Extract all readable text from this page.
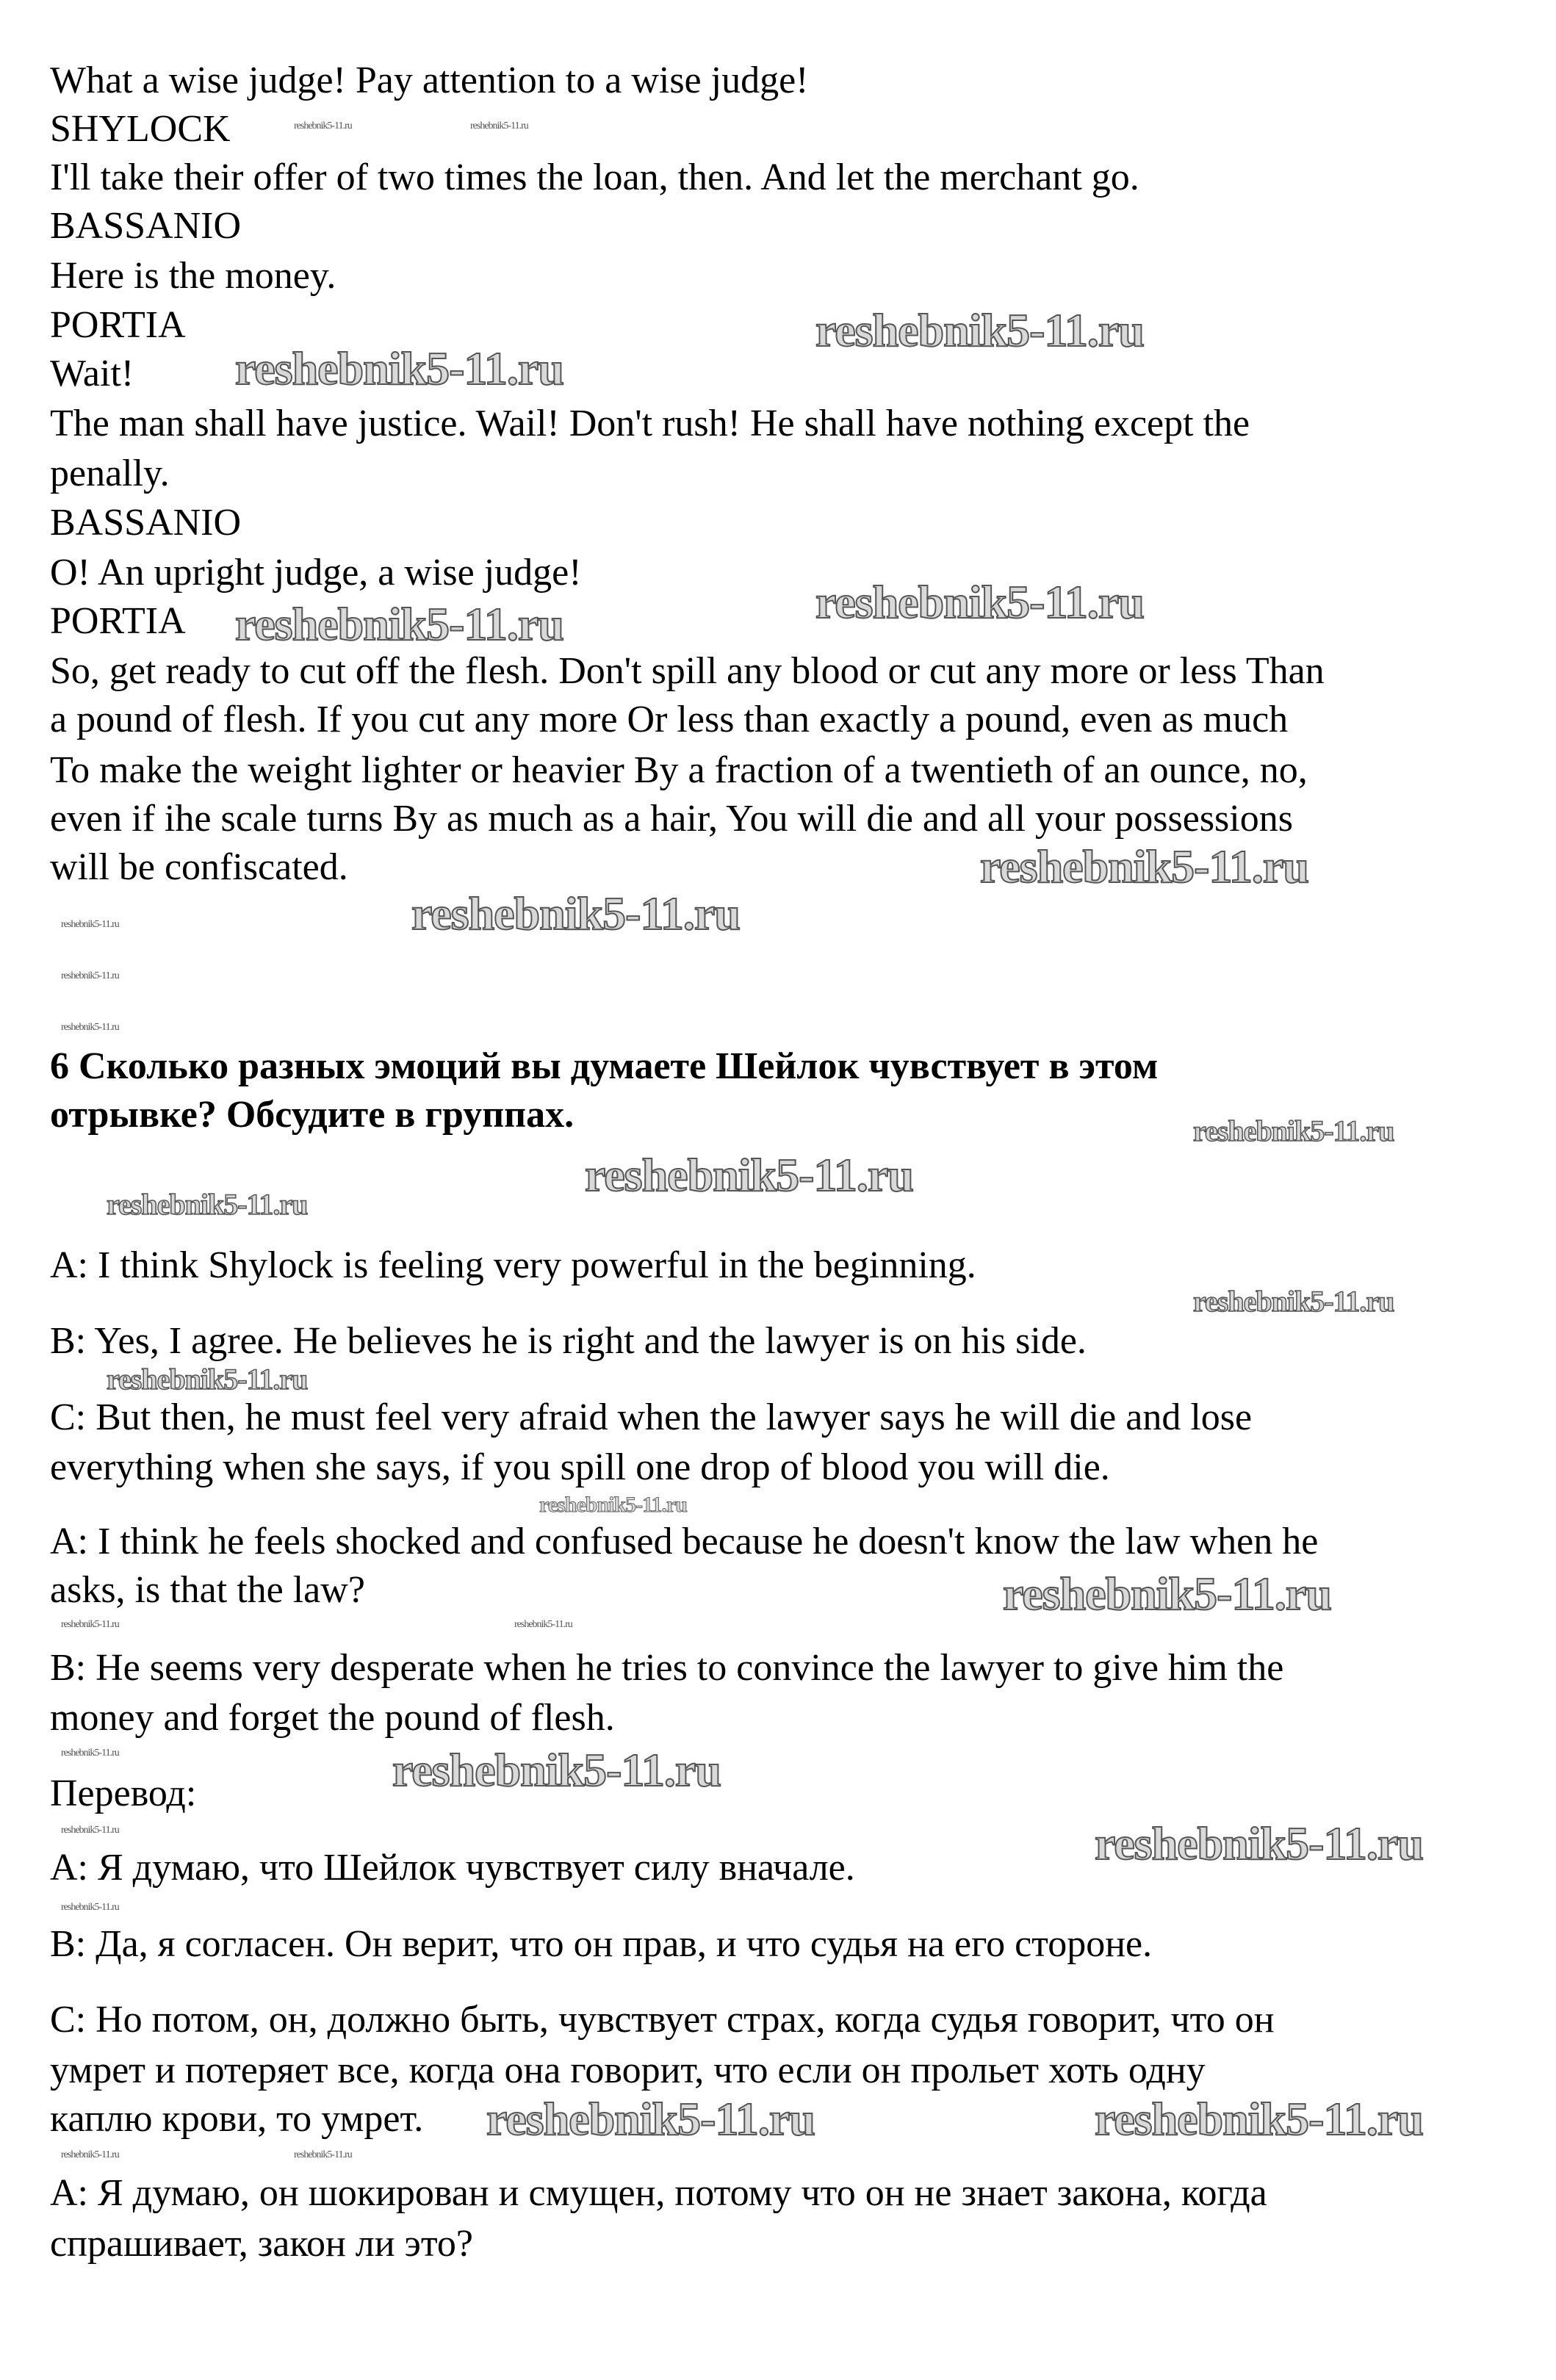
What a wise judge! Pay attention to a wise judge!
SHYLOCK
I'll take their offer of two times the loan, then. And let the merchant go.
BASSANIO
Here is the money.
PORTIA
Wait!
The man shall have justice. Wail! Don't rush! He shall have nothing except the
penally.
BASSANIO
O! An upright judge, a wise judge!
PORTIA
So, get ready to cut off the flesh. Don't spill any blood or cut any more or less Than
a pound of flesh. If you cut any more Or less than exactly a pound, even as much
To make the weight lighter or heavier By a fraction of a twentieth of an ounce, no,
even if ihe scale turns By as much as a hair, You will die and all your possessions
will be confiscated.
6 Сколько разных эмоций вы думаете Шейлок чувствует в этом
отрывке? Обсудите в группах.
A: I think Shylock is feeling very powerful in the beginning.
B: Yes, I agree. He believes he is right and the lawyer is on his side.
C: But then, he must feel very afraid when the lawyer says he will die and lose
everything when she says, if you spill one drop of blood you will die.
A: I think he feels shocked and confused because he doesn't know the law when he
asks, is that the law?
B: He seems very desperate when he tries to convince the lawyer to give him the
money and forget the pound of flesh.
Перевод:
A: Я думаю, что Шейлок чувствует силу вначале.
B: Да, я согласен. Он верит, что он прав, и что судья на его стороне.
C: Но потом, он, должно быть, чувствует страх, когда судья говорит, что он
умрет и потеряет все, когда она говорит, что если он прольет хоть одну
каплю крови, то умрет.
A: Я думаю, он шокирован и смущен, потому что он не знает закона, когда
спрашивает, закон ли это?
reshebnik5-11.ru
reshebnik5-11.ru
reshebnik5-11.ru
reshebnik5-11.ru
reshebnik5-11.ru
reshebnik5-11.ru
reshebnik5-11.ru
reshebnik5-11.ru
reshebnik5-11.ru
reshebnik5-11.ru
reshebnik5-11.ru
reshebnik5-11.ru
reshebnik5-11.ru
reshebnik5-11.ru
reshebnik5-11.ru
reshebnik5-11.ru	reshebnik5-11.ru
reshebnik5-11.ru	reshebnik5-11.ru
reshebnik5-11.ru
reshebnik5-11.ru
reshebnik5-11.ru
reshebnik5-11.ru	reshebnik5-11.ru
reshebnik5-11.ru
reshebnik5-11.ru
reshebnik5-11.ru
reshebnik5-11.ru	reshebnik5-11.ru
